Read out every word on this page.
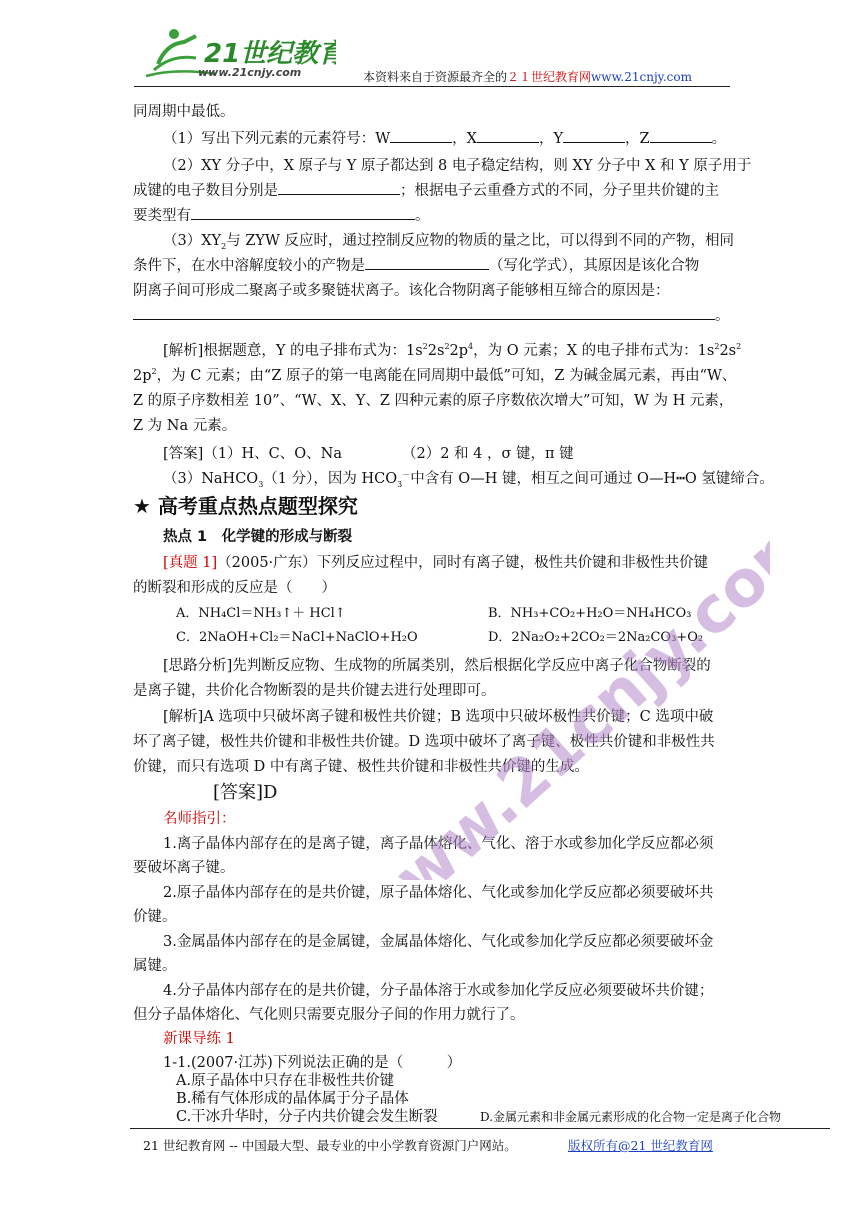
21世纪教育
www.21cnjy.com	本资料来自于资源最齐全的２１世纪教育网www.21cnjy.com
同周期中最低。
（1）写出下列元素的元素符号：W	，X	，Y	，Z	。
（2）XY 分子中，X 原子与 Y 原子都达到 8 电子稳定结构，则 XY 分子中 X 和 Y 原子用于
成键的电子数目分别是	；根据电子云重叠方式的不同，分子里共价键的主
要类型有	。
$(3)XY_2$与 ZYW 反应时，通过控制反应物的物质的量之比，可以得到不同的产物，相同
条件下，在水中溶解度较小的产物是	（写化学式），其原因是该化合物
阴离子间可形成二聚离子或多聚链状离子。该化合物阴离子能够相互缔合的原因是：
。
[解析]根据题意，Y 的电子排布式为：$1s^22s^22p^4$，为 O 元素；X 的电子排布式为：$1s^22s^2$
$2p^2$，为 C 元素；由“Z 原子的第一电离能在同周期中最低”可知，Z 为碱金属元素，再由“W、
Z 的原子序数相差 10”、“W、X、Y、Z 四种元素的原子序数依次增大”可知，W 为 H 元素，
Z 为 Na 元素。
[答案]（1）H、C、O、Na	（2）2 和 4 ，σ 键，π 键
（3）NaHCO$_3$（1 分），因为 $HCO_3^-$中含有 O—H 键，相互之间可通过 O—H┅O 氢键缔合。
★ 高考重点热点题型探究
热点 1　化学键的形成与断裂
[真题 1]（2005·广东）下列反应过程中，同时有离子键，极性共价键和非极性共价键
的断裂和形成的反应是（　　）
A．NH₄Cl＝NH₃↑＋ HCl↑	B．NH₃+CO₂+H₂O＝NH₄HCO₃
C．2NaOH+Cl₂＝NaCl+NaClO+H₂O	D．2Na₂O₂+2CO₂＝2Na₂CO₃+O₂
[思路分析]先判断反应物、生成物的所属类别，然后根据化学反应中离子化合物断裂的
是离子键，共价化合物断裂的是共价键去进行处理即可。
[解析]A 选项中只破坏离子键和极性共价键；B 选项中只破坏极性共价键；C 选项中破
坏了离子键，极性共价键和非极性共价键。D 选项中破坏了离子键、极性共价键和非极性共
价键，而只有选项 D 中有离子键、极性共价键和非极性共价键的生成。
[答案]D
名师指引：
1.离子晶体内部存在的是离子键，离子晶体熔化、气化、溶于水或参加化学反应都必须
要破坏离子键。
2.原子晶体内部存在的是共价键，原子晶体熔化、气化或参加化学反应都必须要破坏共
价键。
3.金属晶体内部存在的是金属键，金属晶体熔化、气化或参加化学反应都必须要破坏金
属键。
4.分子晶体内部存在的是共价键，分子晶体溶于水或参加化学反应必须要破坏共价键；
但分子晶体熔化、气化则只需要克服分子间的作用力就行了。
新课导练 1
1-1.(2007·江苏)下列说法正确的是（　　　）
A.原子晶体中只存在非极性共价键
www.21cnjy.com
21 世纪教育网 -- 中国最大型、最专业的中小学教育资源门户网站。	版权所有@21 世纪教育网
B.稀有气体形成的晶体属于分子晶体
C.干冰升华时，分子内共价键会发生断裂	D.金属元素和非金属元素形成的化合物一定是离子化合物
